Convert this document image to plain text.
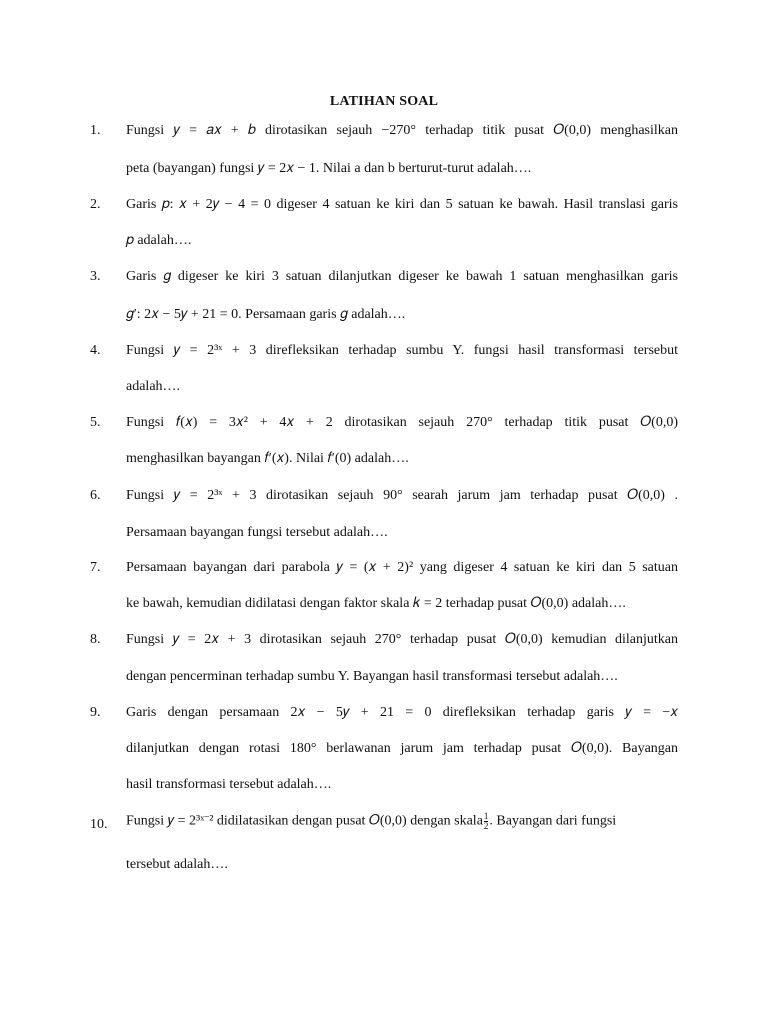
LATIHAN SOAL
1. Fungsi 𝑦 = 𝑎𝑥 + 𝑏 dirotasikan sejauh −270° terhadap titik pusat 𝑂(0,0) menghasilkan
peta (bayangan) fungsi 𝑦 = 2𝑥 − 1. Nilai a dan b berturut-turut adalah….
2. Garis 𝑝: 𝑥 + 2𝑦 − 4 = 0 digeser 4 satuan ke kiri dan 5 satuan ke bawah. Hasil translasi garis
𝑝 adalah….
3. Garis 𝑔 digeser ke kiri 3 satuan dilanjutkan digeser ke bawah 1 satuan menghasilkan garis
𝑔′: 2𝑥 − 5𝑦 + 21 = 0. Persamaan garis 𝑔 adalah….
4. Fungsi 𝑦 = 2³ˣ + 3 direfleksikan terhadap sumbu Y. fungsi hasil transformasi tersebut
adalah….
5. Fungsi 𝑓(𝑥) = 3𝑥² + 4𝑥 + 2 dirotasikan sejauh 270° terhadap titik pusat 𝑂(0,0)
menghasilkan bayangan 𝑓′(𝑥). Nilai 𝑓′(0) adalah….
6. Fungsi 𝑦 = 2³ˣ + 3 dirotasikan sejauh 90° searah jarum jam terhadap pusat 𝑂(0,0) .
Persamaan bayangan fungsi tersebut adalah….
7. Persamaan bayangan dari parabola 𝑦 = (𝑥 + 2)² yang digeser 4 satuan ke kiri dan 5 satuan
ke bawah, kemudian didilatasi dengan faktor skala 𝑘 = 2 terhadap pusat 𝑂(0,0) adalah….
8. Fungsi 𝑦 = 2𝑥 + 3 dirotasikan sejauh 270° terhadap pusat 𝑂(0,0) kemudian dilanjutkan
dengan pencerminan terhadap sumbu Y. Bayangan hasil transformasi tersebut adalah….
9. Garis dengan persamaan 2𝑥 − 5𝑦 + 21 = 0 direfleksikan terhadap garis 𝑦 = −𝑥
dilanjutkan dengan rotasi 180° berlawanan jarum jam terhadap pusat 𝑂(0,0). Bayangan
hasil transformasi tersebut adalah….
10. Fungsi 𝑦 = 2³ˣ⁻² didilatasikan dengan pusat 𝑂(0,0) dengan skala $\frac{1}{2}$ . Bayangan dari fungsi
tersebut adalah….
